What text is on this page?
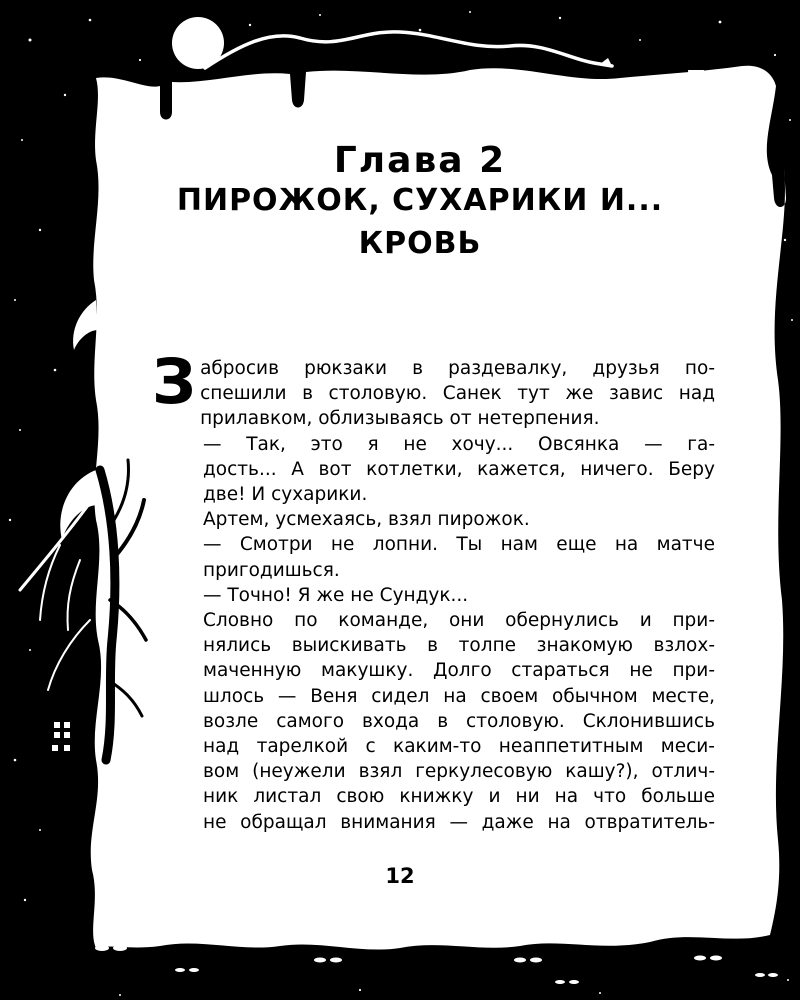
Глава 2
ПИРОЖОК, СУХАРИКИ И...
КРОВЬ

З абросив рюкзаки в раздевалку, друзья по-
спешили в столовую. Санек тут же завис над
прилавком, облизываясь от нетерпения.

— Так, это я не хочу... Овсянка — га-
дость... А вот котлетки, кажется, ничего. Беру
две! И сухарики.

Артем, усмехаясь, взял пирожок.

— Смотри не лопни. Ты нам еще на матче
пригодишься.

— Точно! Я же не Сундук...

Словно по команде, они обернулись и при-
нялись выискивать в толпе знакомую взлох-
маченную макушку. Долго стараться не при-
шлось — Веня сидел на своем обычном месте,
возле самого входа в столовую. Склонившись
над тарелкой с каким-то неаппетитным меси-
вом (неужели взял геркулесовую кашу?), отлич-
ник листал свою книжку и ни на что больше
не обращал внимания — даже на отвратитель-

12
